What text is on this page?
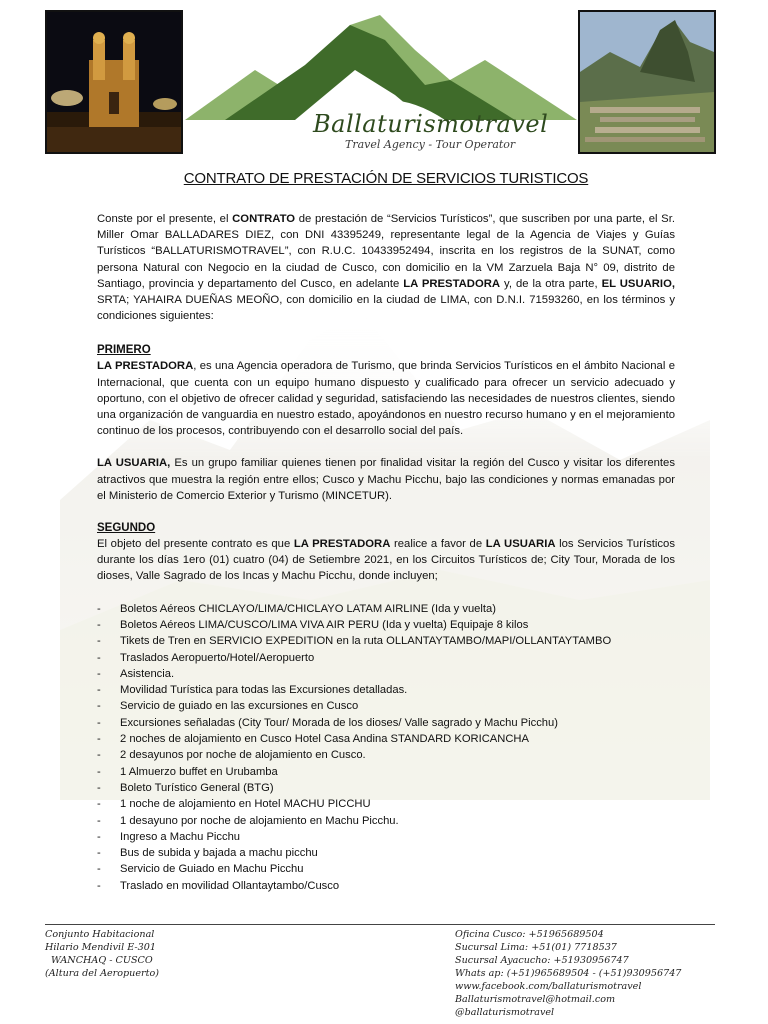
Ballaturismotravel
Travel Agency - Tour Operator
CONTRATO DE PRESTACIÓN DE SERVICIOS TURISTICOS

Conste por el presente, el CONTRATO de prestación de “Servicios Turísticos”, que suscriben por una parte, el Sr. Miller Omar BALLADARES DIEZ, con DNI 43395249, representante legal de la Agencia de Viajes y Guías Turísticos “BALLATURISMOTRAVEL”, con R.U.C. 10433952494, inscrita en los registros de la SUNAT, como persona Natural con Negocio en la ciudad de Cusco, con domicilio en la VM Zarzuela Baja N° 09, distrito de Santiago, provincia y departamento del Cusco, en adelante LA PRESTADORA y, de la otra parte, EL USUARIO, SRTA; YAHAIRA DUEÑAS MEOÑO, con domicilio en la ciudad de LIMA, con D.N.I. 71593260, en los términos y condiciones siguientes:

PRIMERO

LA PRESTADORA, es una Agencia operadora de Turismo, que brinda Servicios Turísticos en el ámbito Nacional e Internacional, que cuenta con un equipo humano dispuesto y cualificado para ofrecer un servicio adecuado y oportuno, con el objetivo de ofrecer calidad y seguridad, satisfaciendo las necesidades de nuestros clientes, siendo una organización de vanguardia en nuestro estado, apoyándonos en nuestro recurso humano y en el mejoramiento continuo de los procesos, contribuyendo con el desarrollo social del país.

LA USUARIA, Es un grupo familiar quienes tienen por finalidad visitar la región del Cusco y visitar los diferentes atractivos que muestra la región entre ellos; Cusco y Machu Picchu, bajo las condiciones y normas emanadas por el Ministerio de Comercio Exterior y Turismo (MINCETUR).

SEGUNDO

El objeto del presente contrato es que LA PRESTADORA realice a favor de LA USUARIA los Servicios Turísticos durante los días 1ero (01) cuatro (04) de Setiembre 2021, en los Circuitos Turísticos de; City Tour, Morada de los dioses, Valle Sagrado de los Incas y Machu Picchu, donde incluyen;

- Boletos Aéreos CHICLAYO/LIMA/CHICLAYO LATAM AIRLINE (Ida y vuelta)
- Boletos Aéreos LIMA/CUSCO/LIMA VIVA AIR PERU (Ida y vuelta) Equipaje 8 kilos
- Tikets de Tren en SERVICIO EXPEDITION en la ruta OLLANTAYTAMBO/MAPI/OLLANTAYTAMBO
- Traslados Aeropuerto/Hotel/Aeropuerto
- Asistencia.
- Movilidad Turística para todas las Excursiones detalladas.
- Servicio de guiado en las excursiones en Cusco
- Excursiones señaladas (City Tour/ Morada de los dioses/ Valle sagrado y Machu Picchu)
- 2 noches de alojamiento en Cusco Hotel Casa Andina STANDARD KORICANCHA
- 2 desayunos por noche de alojamiento en Cusco.
- 1 Almuerzo buffet en Urubamba
- Boleto Turístico General (BTG)
- 1 noche de alojamiento en Hotel MACHU PICCHU
- 1 desayuno por noche de alojamiento en Machu Picchu.
- Ingreso a Machu Picchu
- Bus de subida y bajada a machu picchu
- Servicio de Guiado en Machu Picchu
- Traslado en movilidad Ollantaytambo/Cusco
Conjunto Habitacional
Hilario Mendivil E-301
WANCHAQ - CUSCO
(Altura del Aeropuerto)
Oficina Cusco: +51965689504
Sucursal Lima: +51(01) 7718537
Sucursal Ayacucho: +51930956747
Whats ap: (+51)965689504 - (+51)930956747
www.facebook.com/ballaturismotravel
Ballaturismotravel@hotmail.com
@ballaturismotravel
